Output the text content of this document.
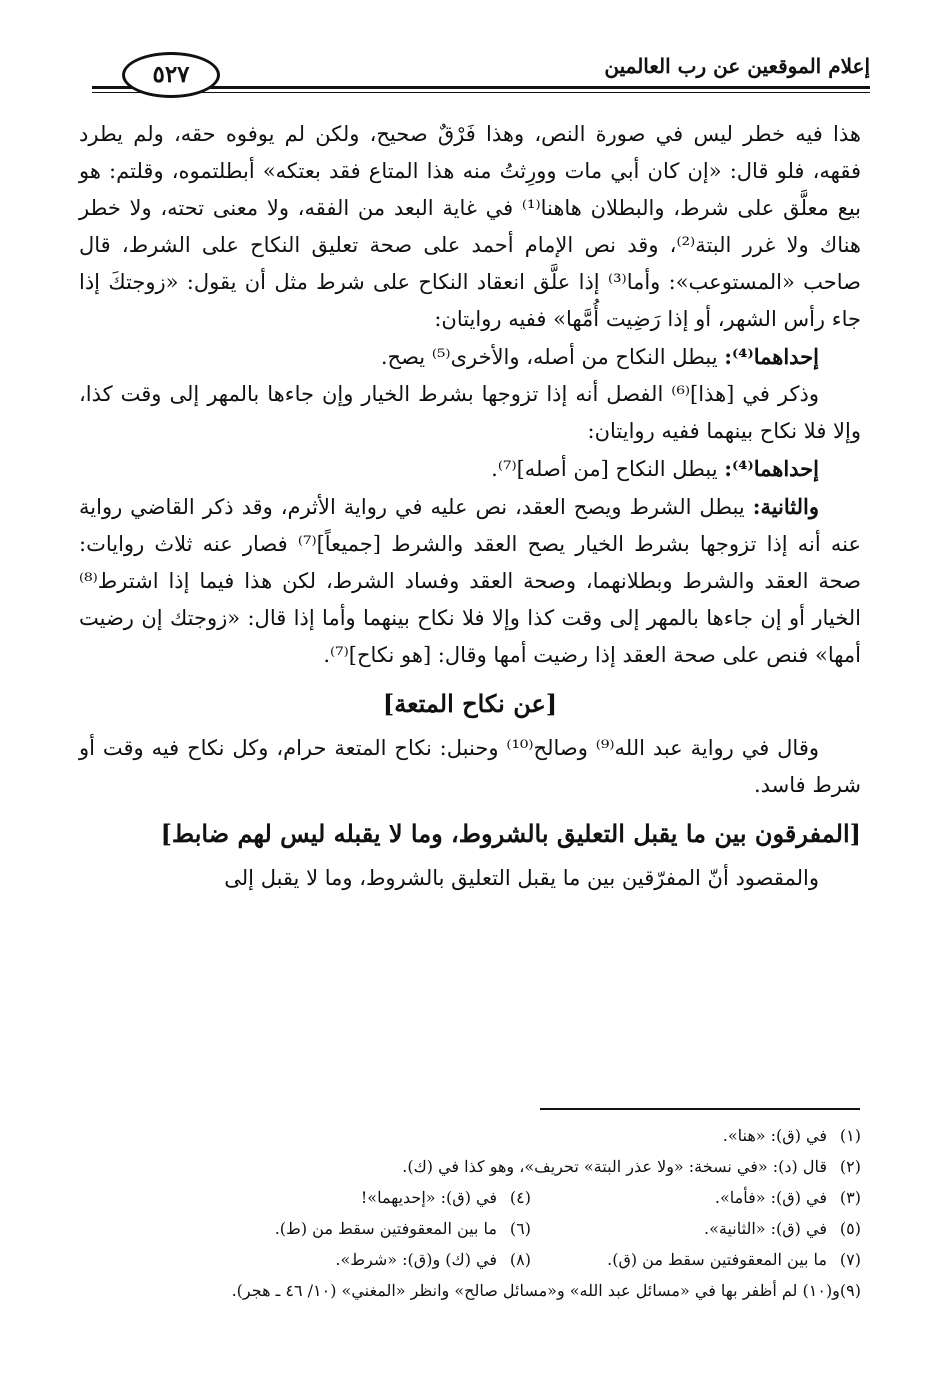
إعلام الموقعين عن رب العالمين
٥٢٧

هذا فيه خطر ليس في صورة النص، وهذا فَرْقٌ صحيح، ولكن لم يوفوه حقه، ولم يطرد فقهه، فلو قال: «إن كان أبي مات وورِثتُ منه هذا المتاع فقد بعتكه» أبطلتموه، وقلتم: هو بيع معلَّق على شرط، والبطلان هاهنا⁽¹⁾ في غاية البعد من الفقه، ولا معنى تحته، ولا خطر هناك ولا غرر البتة⁽²⁾، وقد نص الإمام أحمد على صحة تعليق النكاح على الشرط، قال صاحب «المستوعب»: وأما⁽³⁾ إذا علَّق انعقاد النكاح على شرط مثل أن يقول: «زوجتكَ إذا جاء رأس الشهر، أو إذا رَضِيت أُمَّها» ففيه روايتان:

إحداهما⁽⁴⁾: يبطل النكاح من أصله، والأخرى⁽⁵⁾ يصح.

وذكر في [هذا]⁽⁶⁾ الفصل أنه إذا تزوجها بشرط الخيار وإن جاءها بالمهر إلى وقت كذا، وإلا فلا نكاح بينهما ففيه روايتان:

إحداهما⁽⁴⁾: يبطل النكاح [من أصله]⁽⁷⁾.

والثانية: يبطل الشرط ويصح العقد، نص عليه في رواية الأثرم، وقد ذكر القاضي رواية عنه أنه إذا تزوجها بشرط الخيار يصح العقد والشرط [جميعاً]⁽⁷⁾ فصار عنه ثلاث روايات: صحة العقد والشرط وبطلانهما، وصحة العقد وفساد الشرط، لكن هذا فيما إذا اشترط⁽⁸⁾ الخيار أو إن جاءها بالمهر إلى وقت كذا وإلا فلا نكاح بينهما وأما إذا قال: «زوجتك إن رضيت أمها» فنص على صحة العقد إذا رضيت أمها وقال: [هو نكاح]⁽⁷⁾.

[عن نكاح المتعة]

وقال في رواية عبد الله⁽⁹⁾ وصالح⁽¹⁰⁾ وحنبل: نكاح المتعة حرام، وكل نكاح فيه وقت أو شرط فاسد.

[المفرقون بين ما يقبل التعليق بالشروط، وما لا يقبله ليس لهم ضابط]

والمقصود أنّ المفرّقين بين ما يقبل التعليق بالشروط، وما لا يقبل إلى

(١)في (ق): «هنا».
(٢)قال (د): «في نسخة: «ولا عذر البتة» تحريف»، وهو كذا في (ك).
(٣)في (ق): «فأما».
(٤)في (ق): «إحديهما»!
(٥)في (ق): «الثانية».
(٦)ما بين المعقوفتين سقط من (ط).
(٧)ما بين المعقوفتين سقط من (ق).
(٨)في (ك) و(ق): «شرط».
(٩)و(١٠) لم أظفر بها في «مسائل عبد الله» و«مسائل صالح» وانظر «المغني» (١٠/ ٤٦ ـ هجر).
